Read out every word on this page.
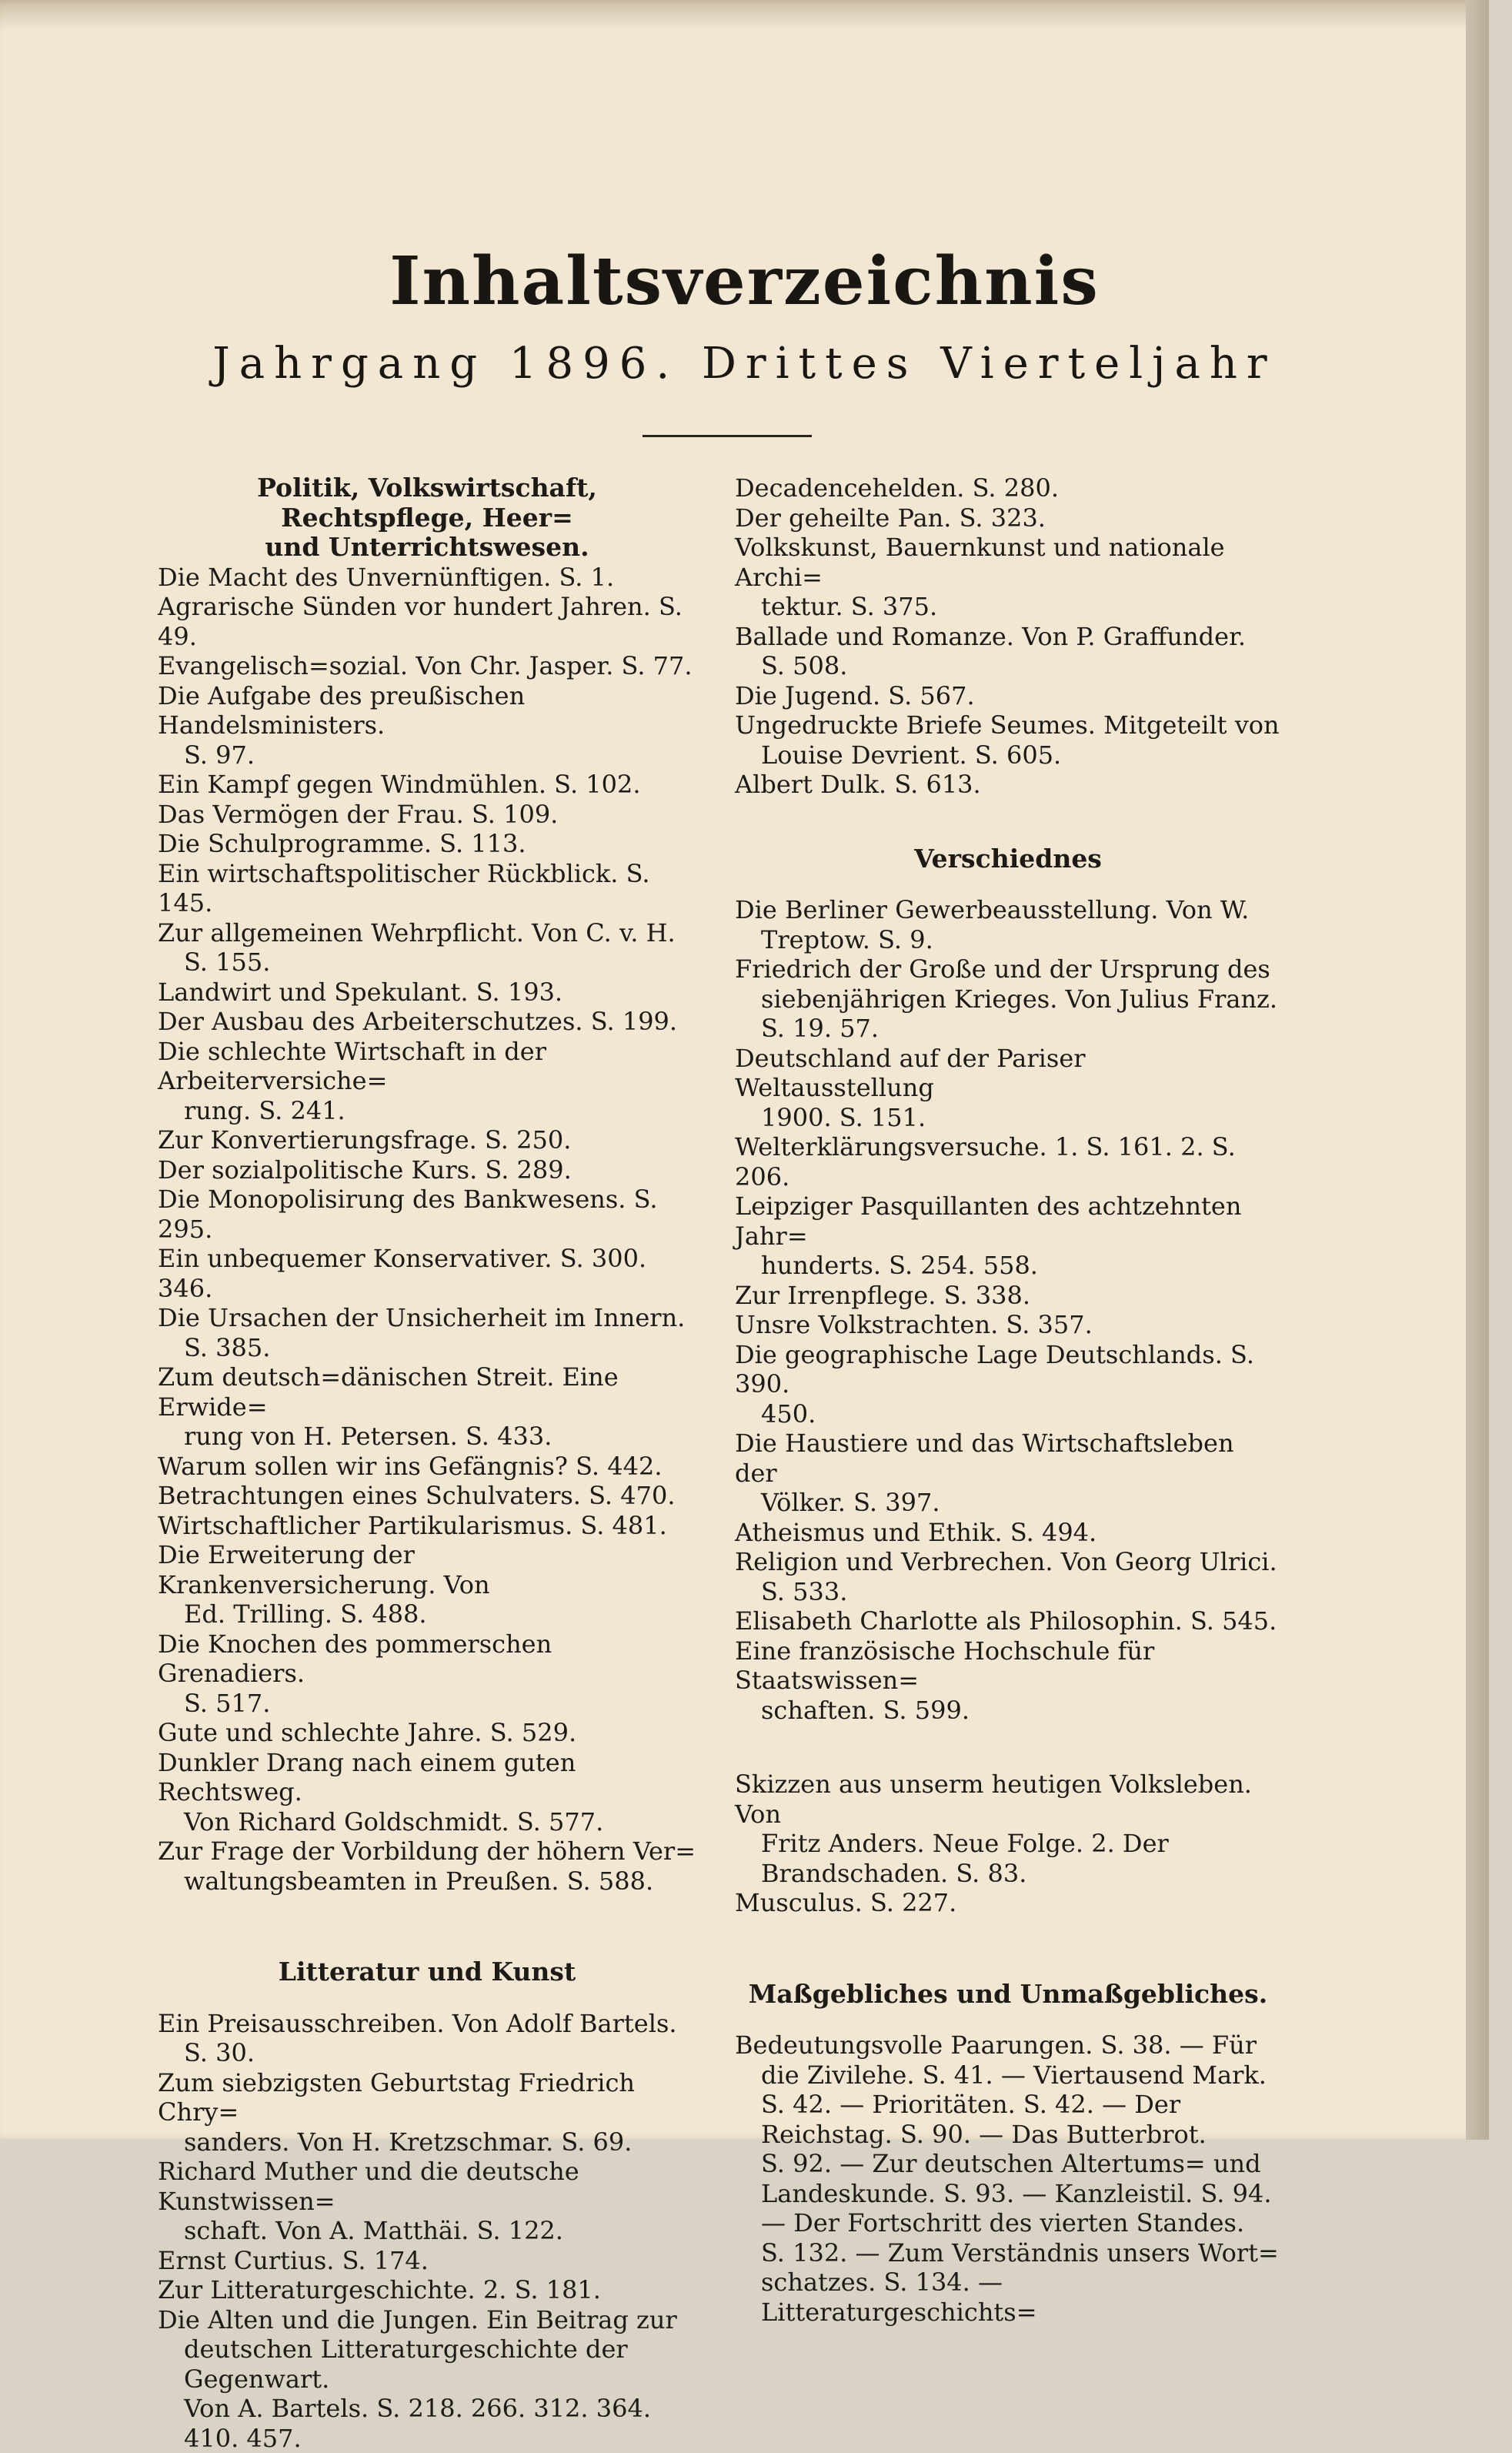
Inhaltsverzeichnis
Jahrgang 1896. Drittes Vierteljahr
Politik, Volkswirtschaft, Rechtspflege, Heer=
und Unterrichtswesen.
Die Macht des Unvernünftigen. S. 1.
Agrarische Sünden vor hundert Jahren. S. 49.
Evangelisch=sozial. Von Chr. Jasper. S. 77.
Die Aufgabe des preußischen Handelsministers.
S. 97.
Ein Kampf gegen Windmühlen. S. 102.
Das Vermögen der Frau. S. 109.
Die Schulprogramme. S. 113.
Ein wirtschaftspolitischer Rückblick. S. 145.
Zur allgemeinen Wehrpflicht. Von C. v. H.
S. 155.
Landwirt und Spekulant. S. 193.
Der Ausbau des Arbeiterschutzes. S. 199.
Die schlechte Wirtschaft in der Arbeiterversiche=
rung. S. 241.
Zur Konvertierungsfrage. S. 250.
Der sozialpolitische Kurs. S. 289.
Die Monopolisirung des Bankwesens. S. 295.
Ein unbequemer Konservativer. S. 300. 346.
Die Ursachen der Unsicherheit im Innern.
S. 385.
Zum deutsch=dänischen Streit. Eine Erwide=
rung von H. Petersen. S. 433.
Warum sollen wir ins Gefängnis? S. 442.
Betrachtungen eines Schulvaters. S. 470.
Wirtschaftlicher Partikularismus. S. 481.
Die Erweiterung der Krankenversicherung. Von
Ed. Trilling. S. 488.
Die Knochen des pommerschen Grenadiers.
S. 517.
Gute und schlechte Jahre. S. 529.
Dunkler Drang nach einem guten Rechtsweg.
Von Richard Goldschmidt. S. 577.
Zur Frage der Vorbildung der höhern Ver=
waltungsbeamten in Preußen. S. 588.
Litteratur und Kunst
Ein Preisausschreiben. Von Adolf Bartels.
S. 30.
Zum siebzigsten Geburtstag Friedrich Chry=
sanders. Von H. Kretzschmar. S. 69.
Richard Muther und die deutsche Kunstwissen=
schaft. Von A. Matthäi. S. 122.
Ernst Curtius. S. 174.
Zur Litteraturgeschichte. 2. S. 181.
Die Alten und die Jungen. Ein Beitrag zur
deutschen Litteraturgeschichte der Gegenwart.
Von A. Bartels. S. 218. 266. 312. 364.
410. 457.
Decadencehelden. S. 280.
Der geheilte Pan. S. 323.
Volkskunst, Bauernkunst und nationale Archi=
tektur. S. 375.
Ballade und Romanze. Von P. Graffunder.
S. 508.
Die Jugend. S. 567.
Ungedruckte Briefe Seumes. Mitgeteilt von
Louise Devrient. S. 605.
Albert Dulk. S. 613.
Verschiednes
Die Berliner Gewerbeausstellung. Von W.
Treptow. S. 9.
Friedrich der Große und der Ursprung des
siebenjährigen Krieges. Von Julius Franz.
S. 19. 57.
Deutschland auf der Pariser Weltausstellung
1900. S. 151.
Welterklärungsversuche. 1. S. 161. 2. S. 206.
Leipziger Pasquillanten des achtzehnten Jahr=
hunderts. S. 254. 558.
Zur Irrenpflege. S. 338.
Unsre Volkstrachten. S. 357.
Die geographische Lage Deutschlands. S. 390.
450.
Die Haustiere und das Wirtschaftsleben der
Völker. S. 397.
Atheismus und Ethik. S. 494.
Religion und Verbrechen. Von Georg Ulrici.
S. 533.
Elisabeth Charlotte als Philosophin. S. 545.
Eine französische Hochschule für Staatswissen=
schaften. S. 599.
Skizzen aus unserm heutigen Volksleben. Von
Fritz Anders. Neue Folge. 2. Der
Brandschaden. S. 83.
Musculus. S. 227.
Maßgebliches und Unmaßgebliches.
Bedeutungsvolle Paarungen. S. 38. — Für
die Zivilehe. S. 41. — Viertausend Mark.
S. 42. — Prioritäten. S. 42. — Der
Reichstag. S. 90. — Das Butterbrot.
S. 92. — Zur deutschen Altertums= und
Landeskunde. S. 93. — Kanzleistil. S. 94.
— Der Fortschritt des vierten Standes.
S. 132. — Zum Verständnis unsers Wort=
schatzes. S. 134. — Litteraturgeschichts=
